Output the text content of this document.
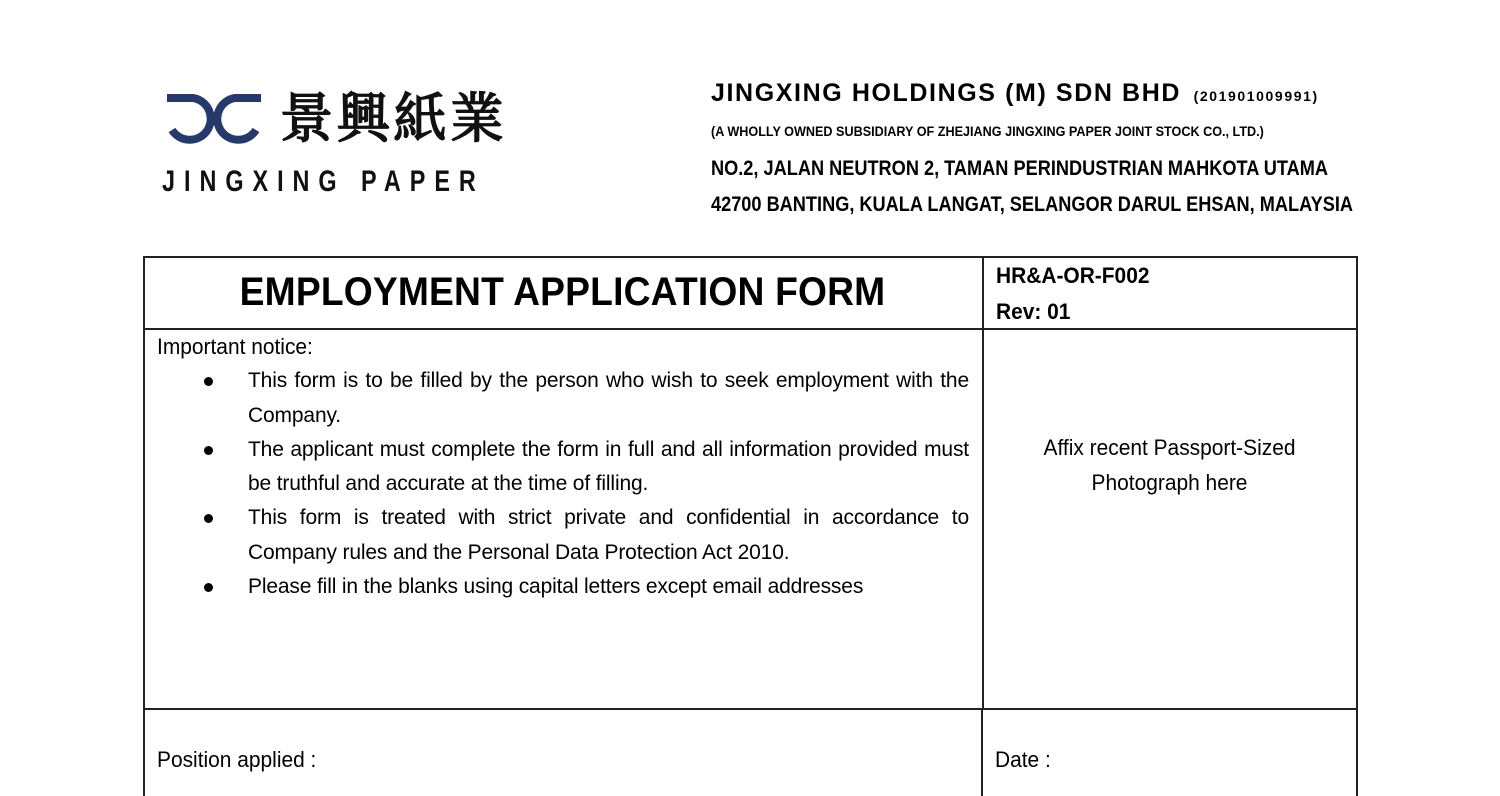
景興紙業
JINGXING PAPER
JINGXING HOLDINGS (M) SDN BHD (201901009991)
(A WHOLLY OWNED SUBSIDIARY OF ZHEJIANG JINGXING PAPER JOINT STOCK CO., LTD.)
NO.2, JALAN NEUTRON 2, TAMAN PERINDUSTRIAN MAHKOTA UTAMA
42700 BANTING, KUALA LANGAT, SELANGOR DARUL EHSAN, MALAYSIA
EMPLOYMENT APPLICATION FORM	HR&A-OR-F002
Rev: 01
Important notice:
This form is to be filled by the person who wish to seek employment with the Company.
The applicant must complete the form in full and all information provided must be truthful and accurate at the time of filling.
This form is treated with strict private and confidential in accordance to Company rules and the Personal Data Protection Act 2010.
Please fill in the blanks using capital letters except email addresses
Affix recent Passport-Sized
Photograph here
Position applied :	Date :
